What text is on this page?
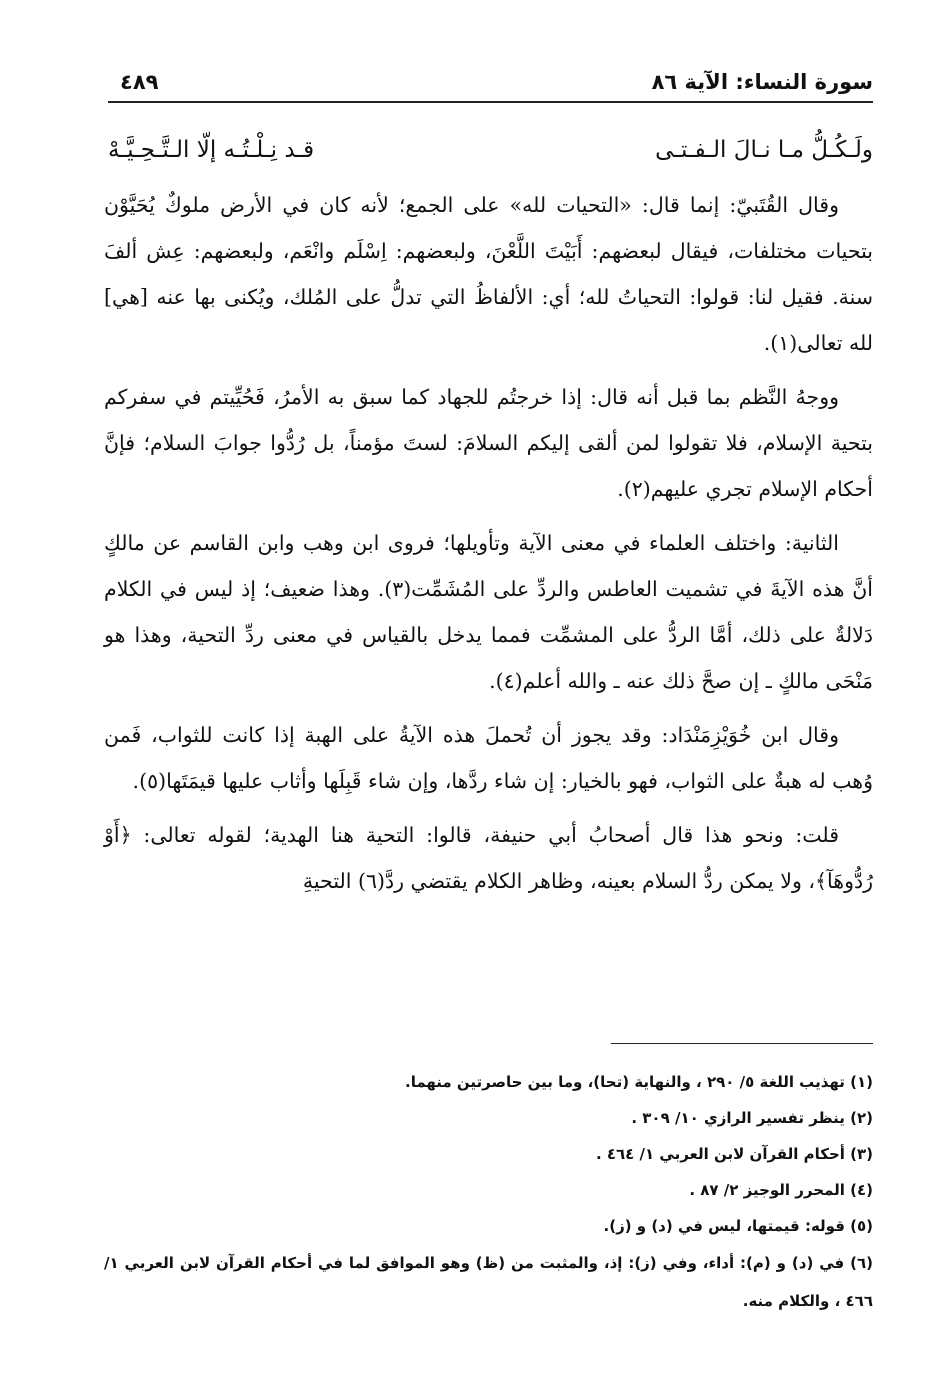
سورة النساء: الآية ٨٦
٤٨٩
ولَـكُـلُّ مـا نـالَ الـفـتـى
قـد نِـلْـتُـه إلّا الـتَّـحِـيَّـهْ

وقال القُتَبيّ: إنما قال: «التحيات لله» على الجمع؛ لأنه كان في الأرض ملوكٌ يُحَيَّوْن بتحيات مختلفات، فيقال لبعضهم: أَبَيْتَ اللَّعْنَ، ولبعضهم: اِسْلَم وانْعَم، ولبعضهم: عِش ألفَ سنة. فقيل لنا: قولوا: التحياتُ لله؛ أي: الألفاظُ التي تدلُّ على المُلك، ويُكنى بها عنه [هي] لله تعالى(١).

ووجهُ النَّظم بما قبل أنه قال: إذا خرجتُم للجهاد كما سبق به الأمرُ، فَحُيِّيتم في سفركم بتحية الإسلام، فلا تقولوا لمن ألقى إليكم السلامَ: لستَ مؤمناً، بل رُدُّوا جوابَ السلام؛ فإنَّ أحكام الإسلام تجري عليهم(٢).

الثانية: واختلف العلماء في معنى الآية وتأويلها؛ فروى ابن وهب وابن القاسم عن مالكٍ أنَّ هذه الآيةَ في تشميت العاطس والردِّ على المُشَمِّت(٣). وهذا ضعيف؛ إذ ليس في الكلام دَلالةٌ على ذلك، أمَّا الردُّ على المشمِّت فمما يدخل بالقياس في معنى ردِّ التحية، وهذا هو مَنْحَى مالكٍ ـ إن صحَّ ذلك عنه ـ والله أعلم(٤).

وقال ابن خُوَيْزِمَنْدَاد: وقد يجوز أن تُحملَ هذه الآيةُ على الهبة إذا كانت للثواب، فَمن وُهب له هبةٌ على الثواب، فهو بالخيار: إن شاء ردَّها، وإن شاء قَبِلَها وأثاب عليها قيمَتَها(٥).

قلت: ونحو هذا قال أصحابُ أبي حنيفة، قالوا: التحية هنا الهدية؛ لقوله تعالى: ﴿أَوْ رُدُّوهَآ﴾، ولا يمكن ردُّ السلام بعينه، وظاهر الكلام يقتضي ردَّ(٦) التحيةِ

(١) تهذيب اللغة ٥/ ٢٩٠ ، والنهاية (تحا)، وما بين حاصرتين منهما.
(٢) ينظر تفسير الرازي ١٠/ ٣٠٩ .
(٣) أحكام القرآن لابن العربي ١/ ٤٦٤ .
(٤) المحرر الوجيز ٢/ ٨٧ .
(٥) قوله: قيمتها، ليس في (د) و (ز).
(٦) في (د) و (م): أداء، وفي (ز): إذ، والمثبت من (ظ) وهو الموافق لما في أحكام القرآن لابن العربي ١/ ٤٦٦ ، والكلام منه.
